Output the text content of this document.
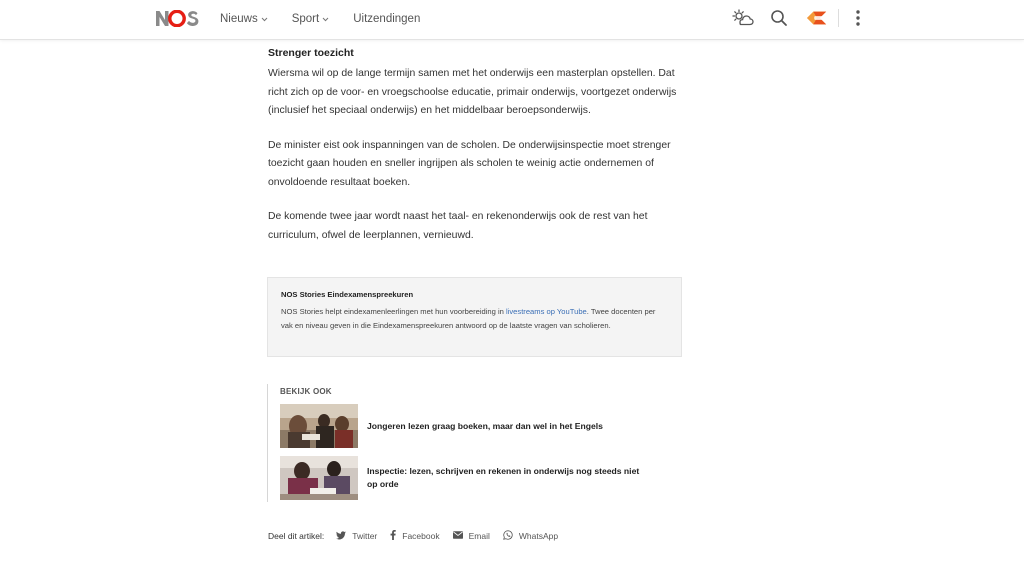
Nieuws	Sport	Uitzendingen
Strenger toezicht

Wiersma wil op de lange termijn samen met het onderwijs een masterplan opstellen. Dat richt zich op de voor- en vroegschoolse educatie, primair onderwijs, voortgezet onderwijs (inclusief het speciaal onderwijs) en het middelbaar beroepsonderwijs.

De minister eist ook inspanningen van de scholen. De onderwijsinspectie moet strenger toezicht gaan houden en sneller ingrijpen als scholen te weinig actie ondernemen of onvoldoende resultaat boeken.

De komende twee jaar wordt naast het taal- en rekenonderwijs ook de rest van het curriculum, ofwel de leerplannen, vernieuwd.

NOS Stories Eindexamenspreekuren
NOS Stories helpt eindexamenleerlingen met hun voorbereiding in livestreams op YouTube. Twee docenten per vak en niveau geven in die Eindexamenspreekuren antwoord op de laatste vragen van scholieren.
BEKIJK OOK
Jongeren lezen graag boeken, maar dan wel in het Engels
Inspectie: lezen, schrijven en rekenen in onderwijs nog steeds niet op orde
Deel dit artikel:	Twitter	Facebook	Email	WhatsApp
